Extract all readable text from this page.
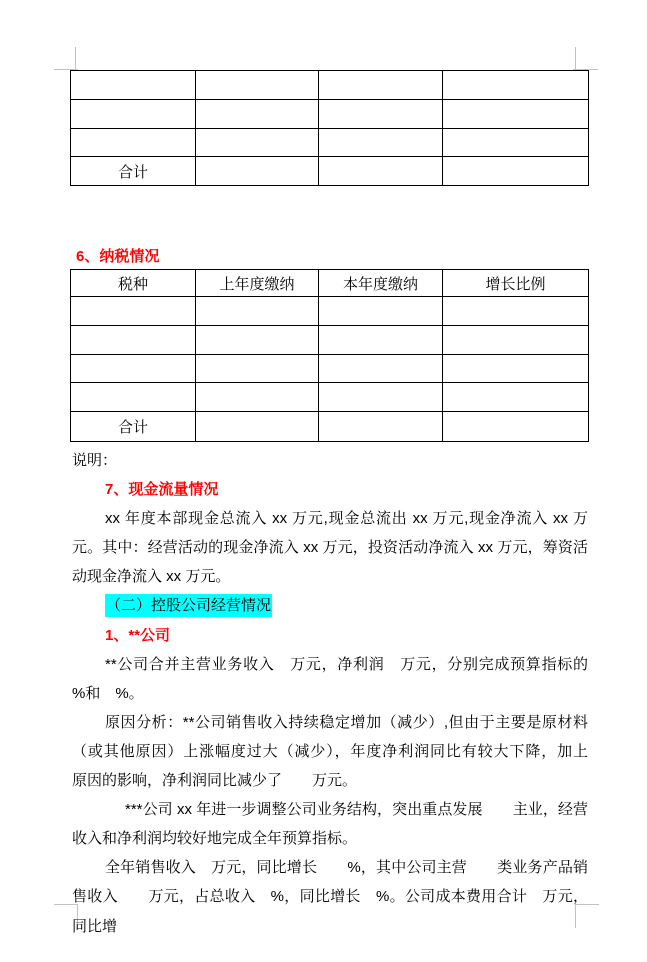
合计			
6、纳税情况
税种	上年度缴纳	本年度缴纳	增长比例

合计			

说明：

7、现金流量情况

xx 年度本部现金总流入 xx 万元,现金总流出 xx 万元,现金净流入 xx 万元。其中：经营活动的现金净流入 xx 万元，投资活动净流入 xx 万元，筹资活动现金净流入 xx 万元。

（二）控股公司经营情况

1、**公司

**公司合并主营业务收入　万元，净利润　万元，分别完成预算指标的　%和　%。

原因分析：**公司销售收入持续稳定增加（减少）,但由于主要是原材料（或其他原因）上涨幅度过大（减少），年度净利润同比有较大下降，加上　　原因的影响，净利润同比减少了　　万元。

***公司 xx 年进一步调整公司业务结构，突出重点发展　　主业，经营收入和净利润均较好地完成全年预算指标。

全年销售收入　万元，同比增长　　%，其中公司主营　　类业务产品销售收入　　万元，占总收入　%，同比增长　%。公司成本费用合计　万元，同比增
